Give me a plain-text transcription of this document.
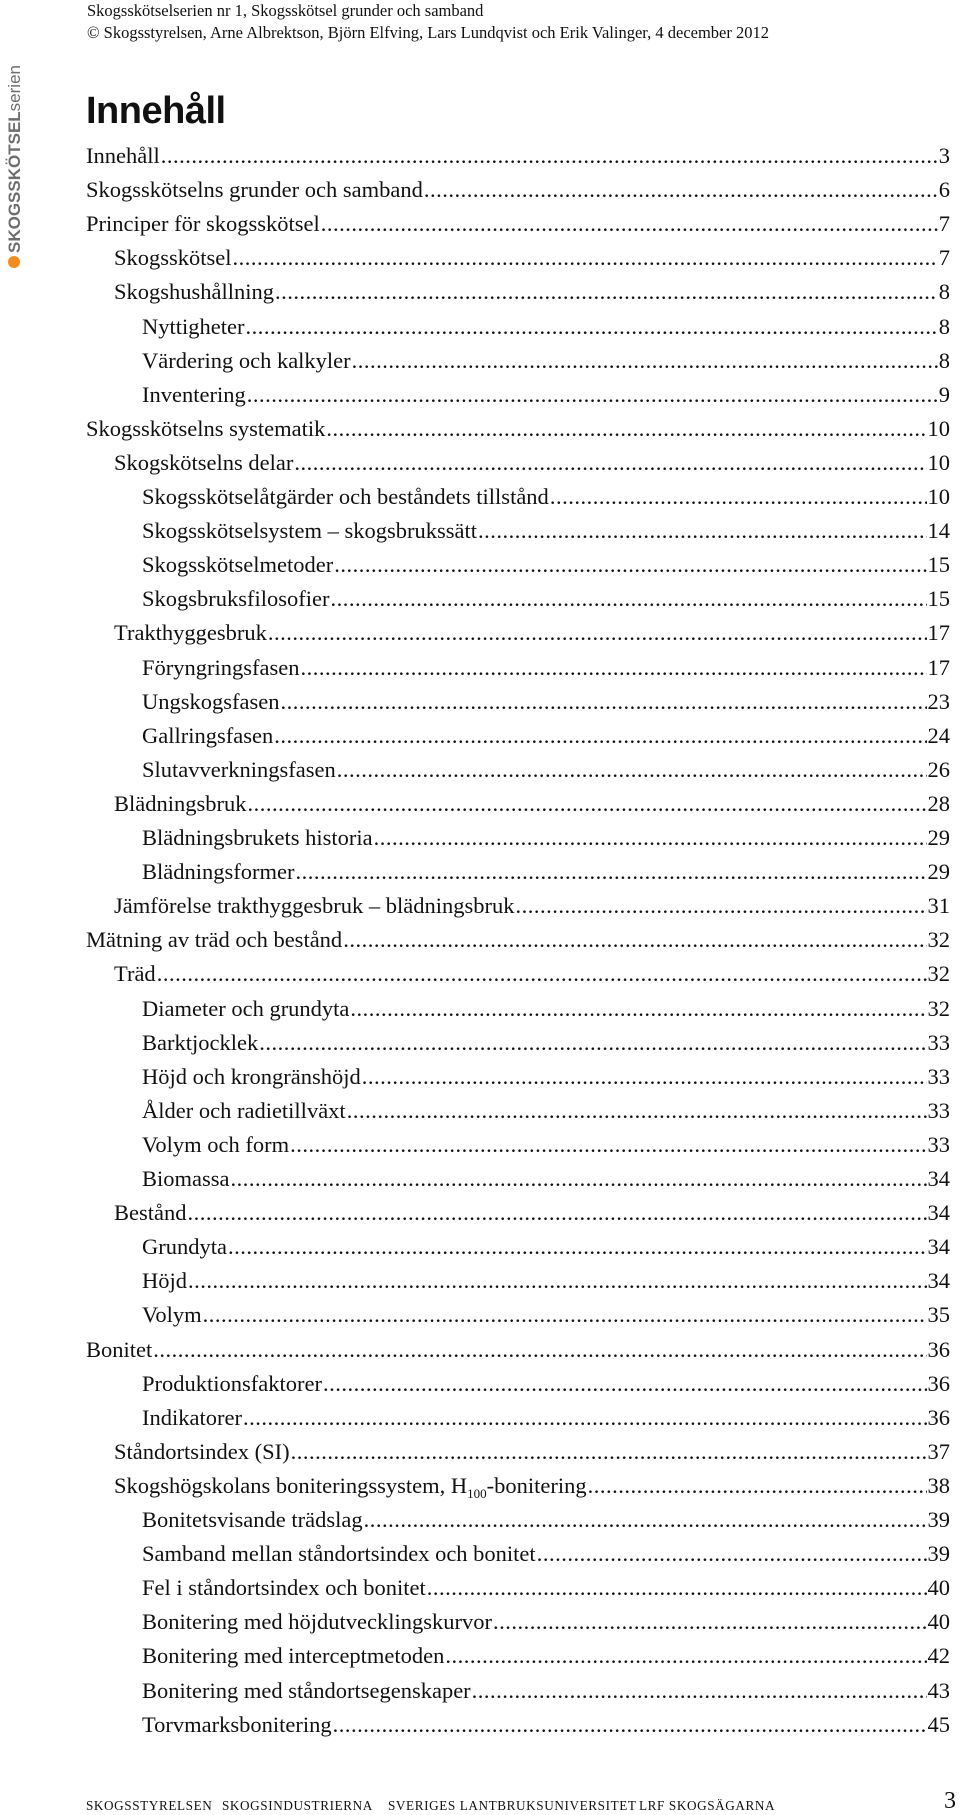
Skogsskötselserien nr 1, Skogsskötsel grunder och samband
© Skogsstyrelsen, Arne Albrektson, Björn Elfving, Lars Lundqvist och Erik Valinger, 4 december 2012
SKOGSSKÖTSELserien Innehåll
Innehåll .....	3
Skogsskötselns grunder och samband .....	6
Principer för skogsskötsel .....	7
Skogsskötsel .....	7
Skogshushållning .....	8
Nyttigheter .....	8
Värdering och kalkyler .....	8
Inventering .....	9
Skogsskötselns systematik .....	10
Skogskötselns delar .....	10
Skogsskötselåtgärder och beståndets tillstånd .....	10
Skogsskötselsystem – skogsbrukssätt .....	14
Skogsskötselmetoder .....	15
Skogsbruksfilosofier .....	15
Trakthyggesbruk .....	17
Föryngringsfasen .....	17
Ungskogsfasen .....	23
Gallringsfasen .....	24
Slutavverkningsfasen .....	26
Blädningsbruk .....	28
Blädningsbrukets historia .....	29
Blädningsformer .....	29
Jämförelse trakthyggesbruk – blädningsbruk .....	31
Mätning av träd och bestånd .....	32
Träd .....	32
Diameter och grundyta .....	32
Barktjocklek .....	33
Höjd och krongränshöjd .....	33
Ålder och radietillväxt .....	33
Volym och form .....	33
Biomassa .....	34
Bestånd .....	34
Grundyta .....	34
Höjd .....	34
Volym .....	35
Bonitet .....	36
Produktionsfaktorer .....	36
Indikatorer .....	36
Ståndortsindex (SI) .....	37
Skogshögskolans boniteringssystem, $H_{100}$-bonitering .....	38
Bonitetsvisande trädslag .....	39
Samband mellan ståndortsindex och bonitet .....	39
Fel i ståndortsindex och bonitet .....	40
Bonitering med höjdutvecklingskurvor .....	40
Bonitering med interceptmetoden .....	42
Bonitering med ståndortsegenskaper .....	43
Torvmarksbonitering .....	45
SKOGSSTYRELSEN SKOGSINDUSTRIERNA SVERIGES LANTBRUKSUNIVERSITET LRF SKOGSÄGARNA	3
